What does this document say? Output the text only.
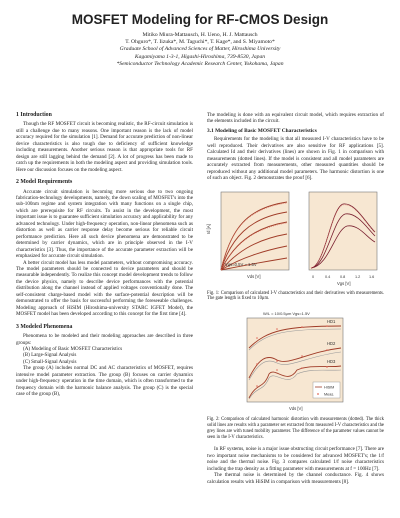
MOSFET Modeling for RF-CMOS Design
Mitiko Miura-Mattausch, H. Ueno, H. J. Mattausch
T. Ohguro*, T. Iizuka*, M. Taguchi*, T. Kage*, and S. Miyamoto*
Graduate School of Advanced Sciences of Matter, Hiroshima University
Kagamiyama 1-3-1, Higashi-Hiroshima, 739-8530, Japan
*Semiconductor Technology Academic Research Center, Yokohama, Japan
1 Introduction

Though the RF MOSFET circuit is becoming realistic, the RF-circuit simulation is still a challenge due to many reasons. One important reason is the lack of model accuracy required for the simulation [1]. Demand for accurate prediction of non-linear device characteristics is also tough due to deficiency of sufficient knowledge including measurements. Another serious reason is that appropriate tools for RF design are still lagging behind the demand [2]. A lot of progress has been made to catch up the requirements in both the modeling aspect and providing simulation tools. Here our discussion focuses on the modeling aspect.

2 Model Requirements

Accurate circuit simulation is becoming more serious due to two ongoing fabrication-technology developments, namely, the down scaling of MOSFET's into the sub-100nm regime and system integration with many functions on a single chip, which are prerequisite for RF circuits. To assist in the development, the most important issue is to guarantee sufficient simulation accuracy and applicability for any advanced technology. Under high-frequency operation, non-linear phenomena such as distortion as well as carrier response delay become serious for reliable circuit performance prediction. Here all such device phenomena are demonstrated to be determined by carrier dynamics, which are in principle observed in the I-V characteristics [3]. Thus, the importance of the accurate parameter extraction will be emphasized for accurate circuit simulation.

A better circuit model has less model parameters, without compromising accuracy. The model parameters should be connected to device parameters and should be measurable independently. To realize this concept model development trends to follow the device physics, namely to describe device performances with the potential distribution along the channel instead of applied voltages conventionally done. The self-consistent charge-based model with the surface-potential description will be demonstrated to offer the basis for successful performing the foreseeable challenges. Modeling approach of HiSIM (Hiroshima-university STARC IGFET Model), the MOSFET model has been developed according to this concept for the first time [4].

3 Modeled Phenomena

Phenomena to be modeled and their modeling approaches are described in three groups:

(A) Modeling of Basic MOSFET Characteristics
(B) Large-Signal Analysis
(C) Small-Signal Analysis

The group (A) includes normal DC and AC characteristics of MOSFET, requires intensive model parameter extraction. The group (B) focuses on carrier dynamics under high-frequency operation in the time domain, which is often transformed to the frequency domain with the harmonic balance analysis. The group (C) is the special case of the group (B),

The modeling is done with an equivalent circuit model, which requires extraction of the elements included in the circuit.

3.1 Modeling of Basic MOSFET Characteristics

Requirements for the modeling is that all measured I-V characteristics have to be well reproduced. Their derivatives are also sensitive for RF applications [5]. Calculated Id and their derivatives (lines) are shown in Fig. 1 in comparison with measurements (dotted lines). If the model is consistent and all model parameters are accurately extracted from measurements, other measured quantities should be reproduced without any additional model parameters. The harmonic distortion is one of such an object. Fig. 2 demonstrates the proof [6].

Vgs=0.5V ~ 1.5V
Id [A]
Vds [V]	0	0.4	0.8	1.2 1.6
Vgs [V]
Fig. 1: Comparison of calculated I-V characteristics and their derivatives with measurements. The gate length is fixed to 10μm.
W/L = 10/0.5μm Vgs=1.5V
HD1
HD2
HD3
HiSIM
Meas.
Vds [V]
Fig. 2: Comparison of calculated harmonic distortion with measurements (dotted). The thick solid lines are results with a parameter set extracted from measured I-V characteristics and the grey lines are with tuned mobility parameter. The difference of the parameter values cannot be seen in the I-V characteristics.

In RF systems, noise is a major issue obstructing circuit performance [7]. There are two important noise mechanisms to be considered for advanced MOSFET's; the 1/f noise and the thermal noise. Fig. 3 compares calculated 1/f noise characteristics including the trap density as a fitting parameter with measurements at f = 100Hz [7].

The thermal noise is determined by the channel conductance. Fig. 4 shows calculation results with HiSIM in comparison with measurements [8].
